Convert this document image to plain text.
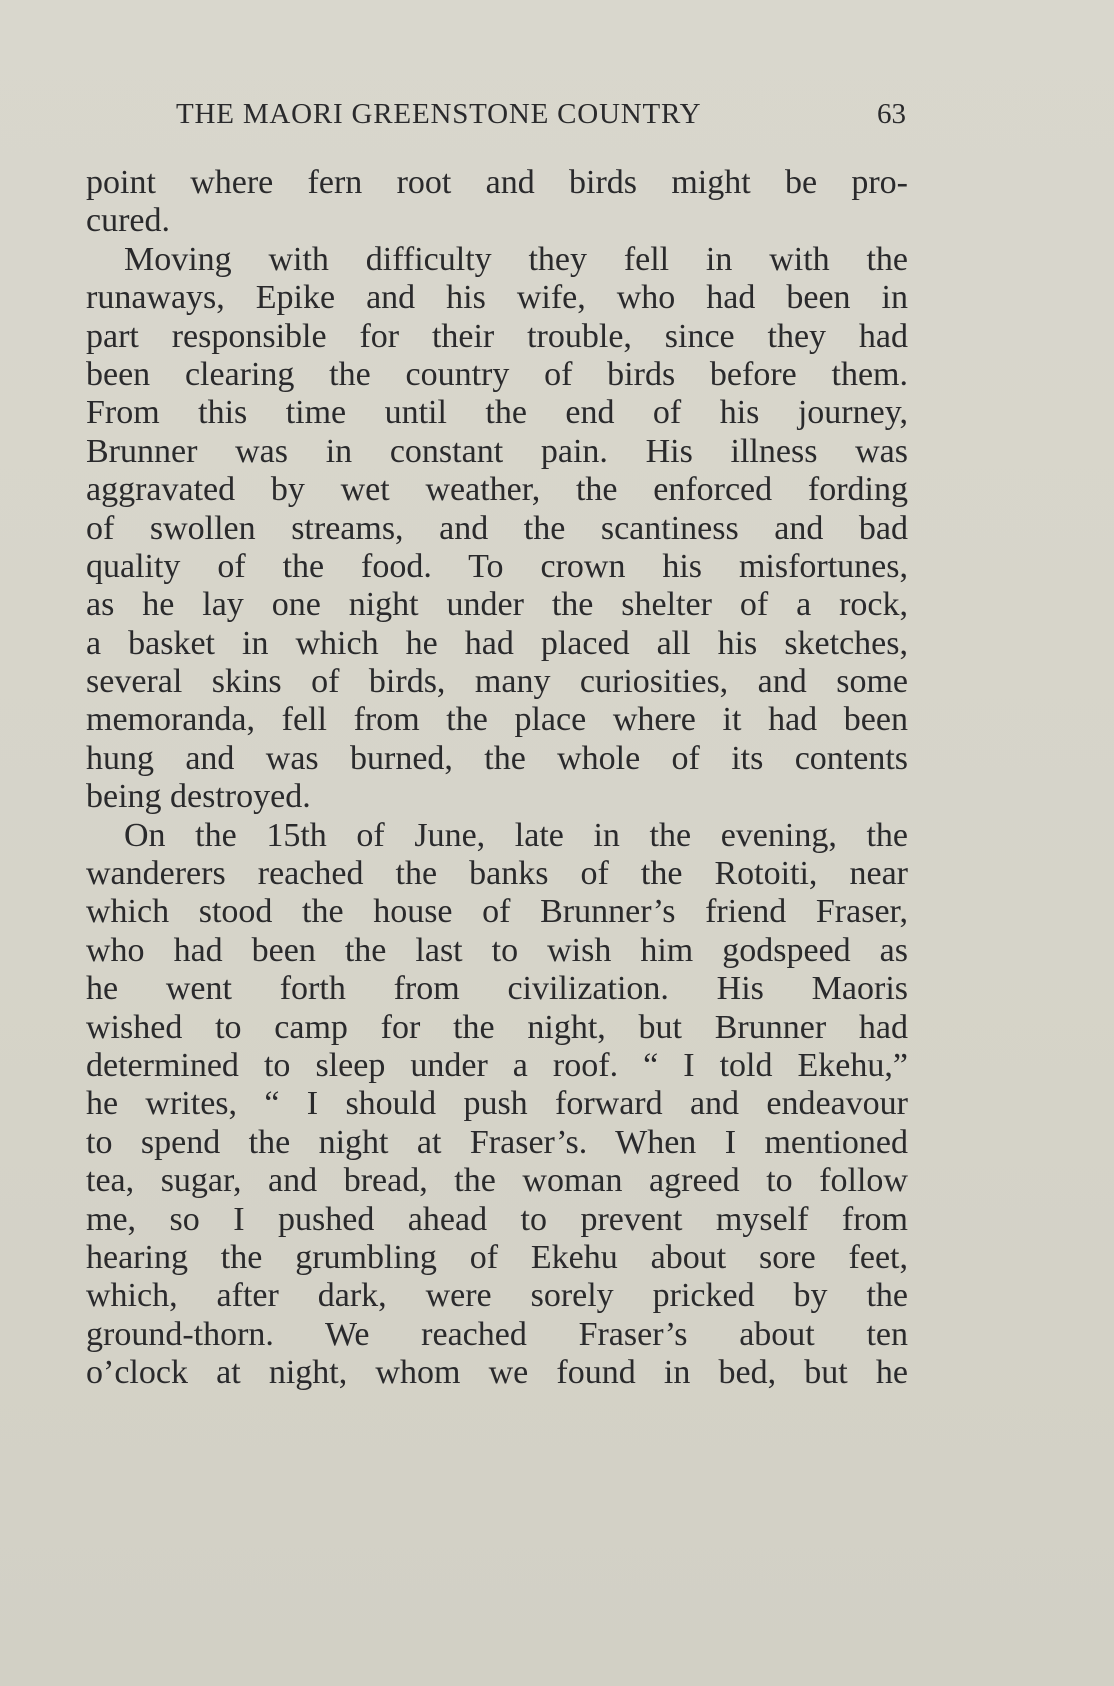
THE MAORI GREENSTONE COUNTRY	63
point where fern root and birds might be pro-
cured.
Moving with difficulty they fell in with the
runaways, Epike and his wife, who had been in
part responsible for their trouble, since they had
been clearing the country of birds before them.
From this time until the end of his journey,
Brunner was in constant pain. His illness was
aggravated by wet weather, the enforced fording
of swollen streams, and the scantiness and bad
quality of the food. To crown his misfortunes,
as he lay one night under the shelter of a rock,
a basket in which he had placed all his sketches,
several skins of birds, many curiosities, and some
memoranda, fell from the place where it had been
hung and was burned, the whole of its contents
being destroyed.
On the 15th of June, late in the evening, the
wanderers reached the banks of the Rotoiti, near
which stood the house of Brunner’s friend Fraser,
who had been the last to wish him godspeed as
he went forth from civilization. His Maoris
wished to camp for the night, but Brunner had
determined to sleep under a roof. “ I told Ekehu,”
he writes, “ I should push forward and endeavour
to spend the night at Fraser’s. When I mentioned
tea, sugar, and bread, the woman agreed to follow
me, so I pushed ahead to prevent myself from
hearing the grumbling of Ekehu about sore feet,
which, after dark, were sorely pricked by the
ground-thorn. We reached Fraser’s about ten
o’clock at night, whom we found in bed, but he
